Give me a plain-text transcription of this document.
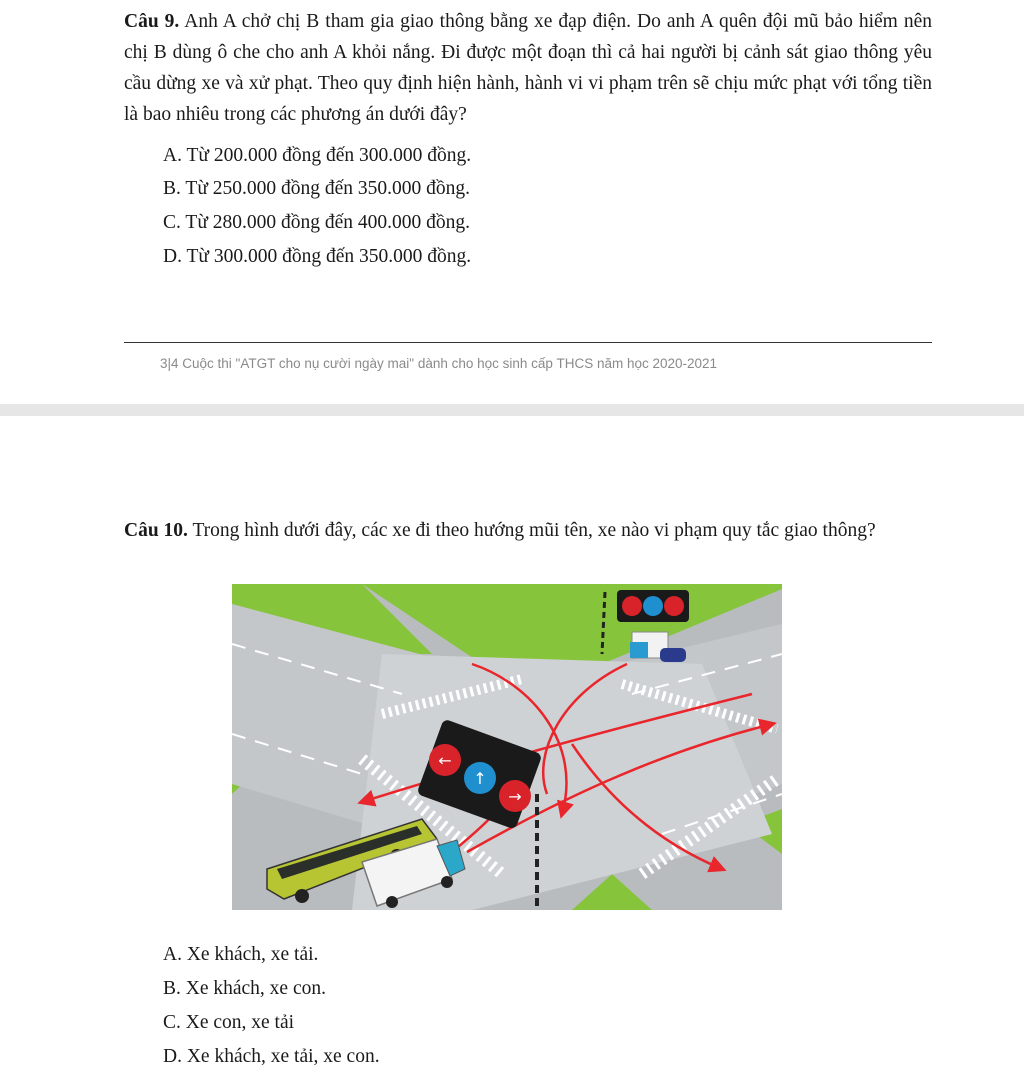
Câu 9. Anh A chở chị B tham gia giao thông bằng xe đạp điện. Do anh A quên đội mũ bảo hiểm nên chị B dùng ô che cho anh A khỏi nắng. Đi được một đoạn thì cả hai người bị cảnh sát giao thông yêu cầu dừng xe và xử phạt. Theo quy định hiện hành, hành vi vi phạm trên sẽ chịu mức phạt với tổng tiền là bao nhiêu trong các phương án dưới đây?
A. Từ 200.000 đồng đến 300.000 đồng.
B. Từ 250.000 đồng đến 350.000 đồng.
C. Từ 280.000 đồng đến 400.000 đồng.
D. Từ 300.000 đồng đến 350.000 đồng.
3|4 Cuộc thi "ATGT cho nụ cười ngày mai" dành cho học sinh cấp THCS năm học 2020-2021
Câu 10. Trong hình dưới đây, các xe đi theo hướng mũi tên, xe nào vi phạm quy tắc giao thông?
←
↑
→
A. Xe khách, xe tải.
B. Xe khách, xe con.
C. Xe con, xe tải
D. Xe khách, xe tải, xe con.
